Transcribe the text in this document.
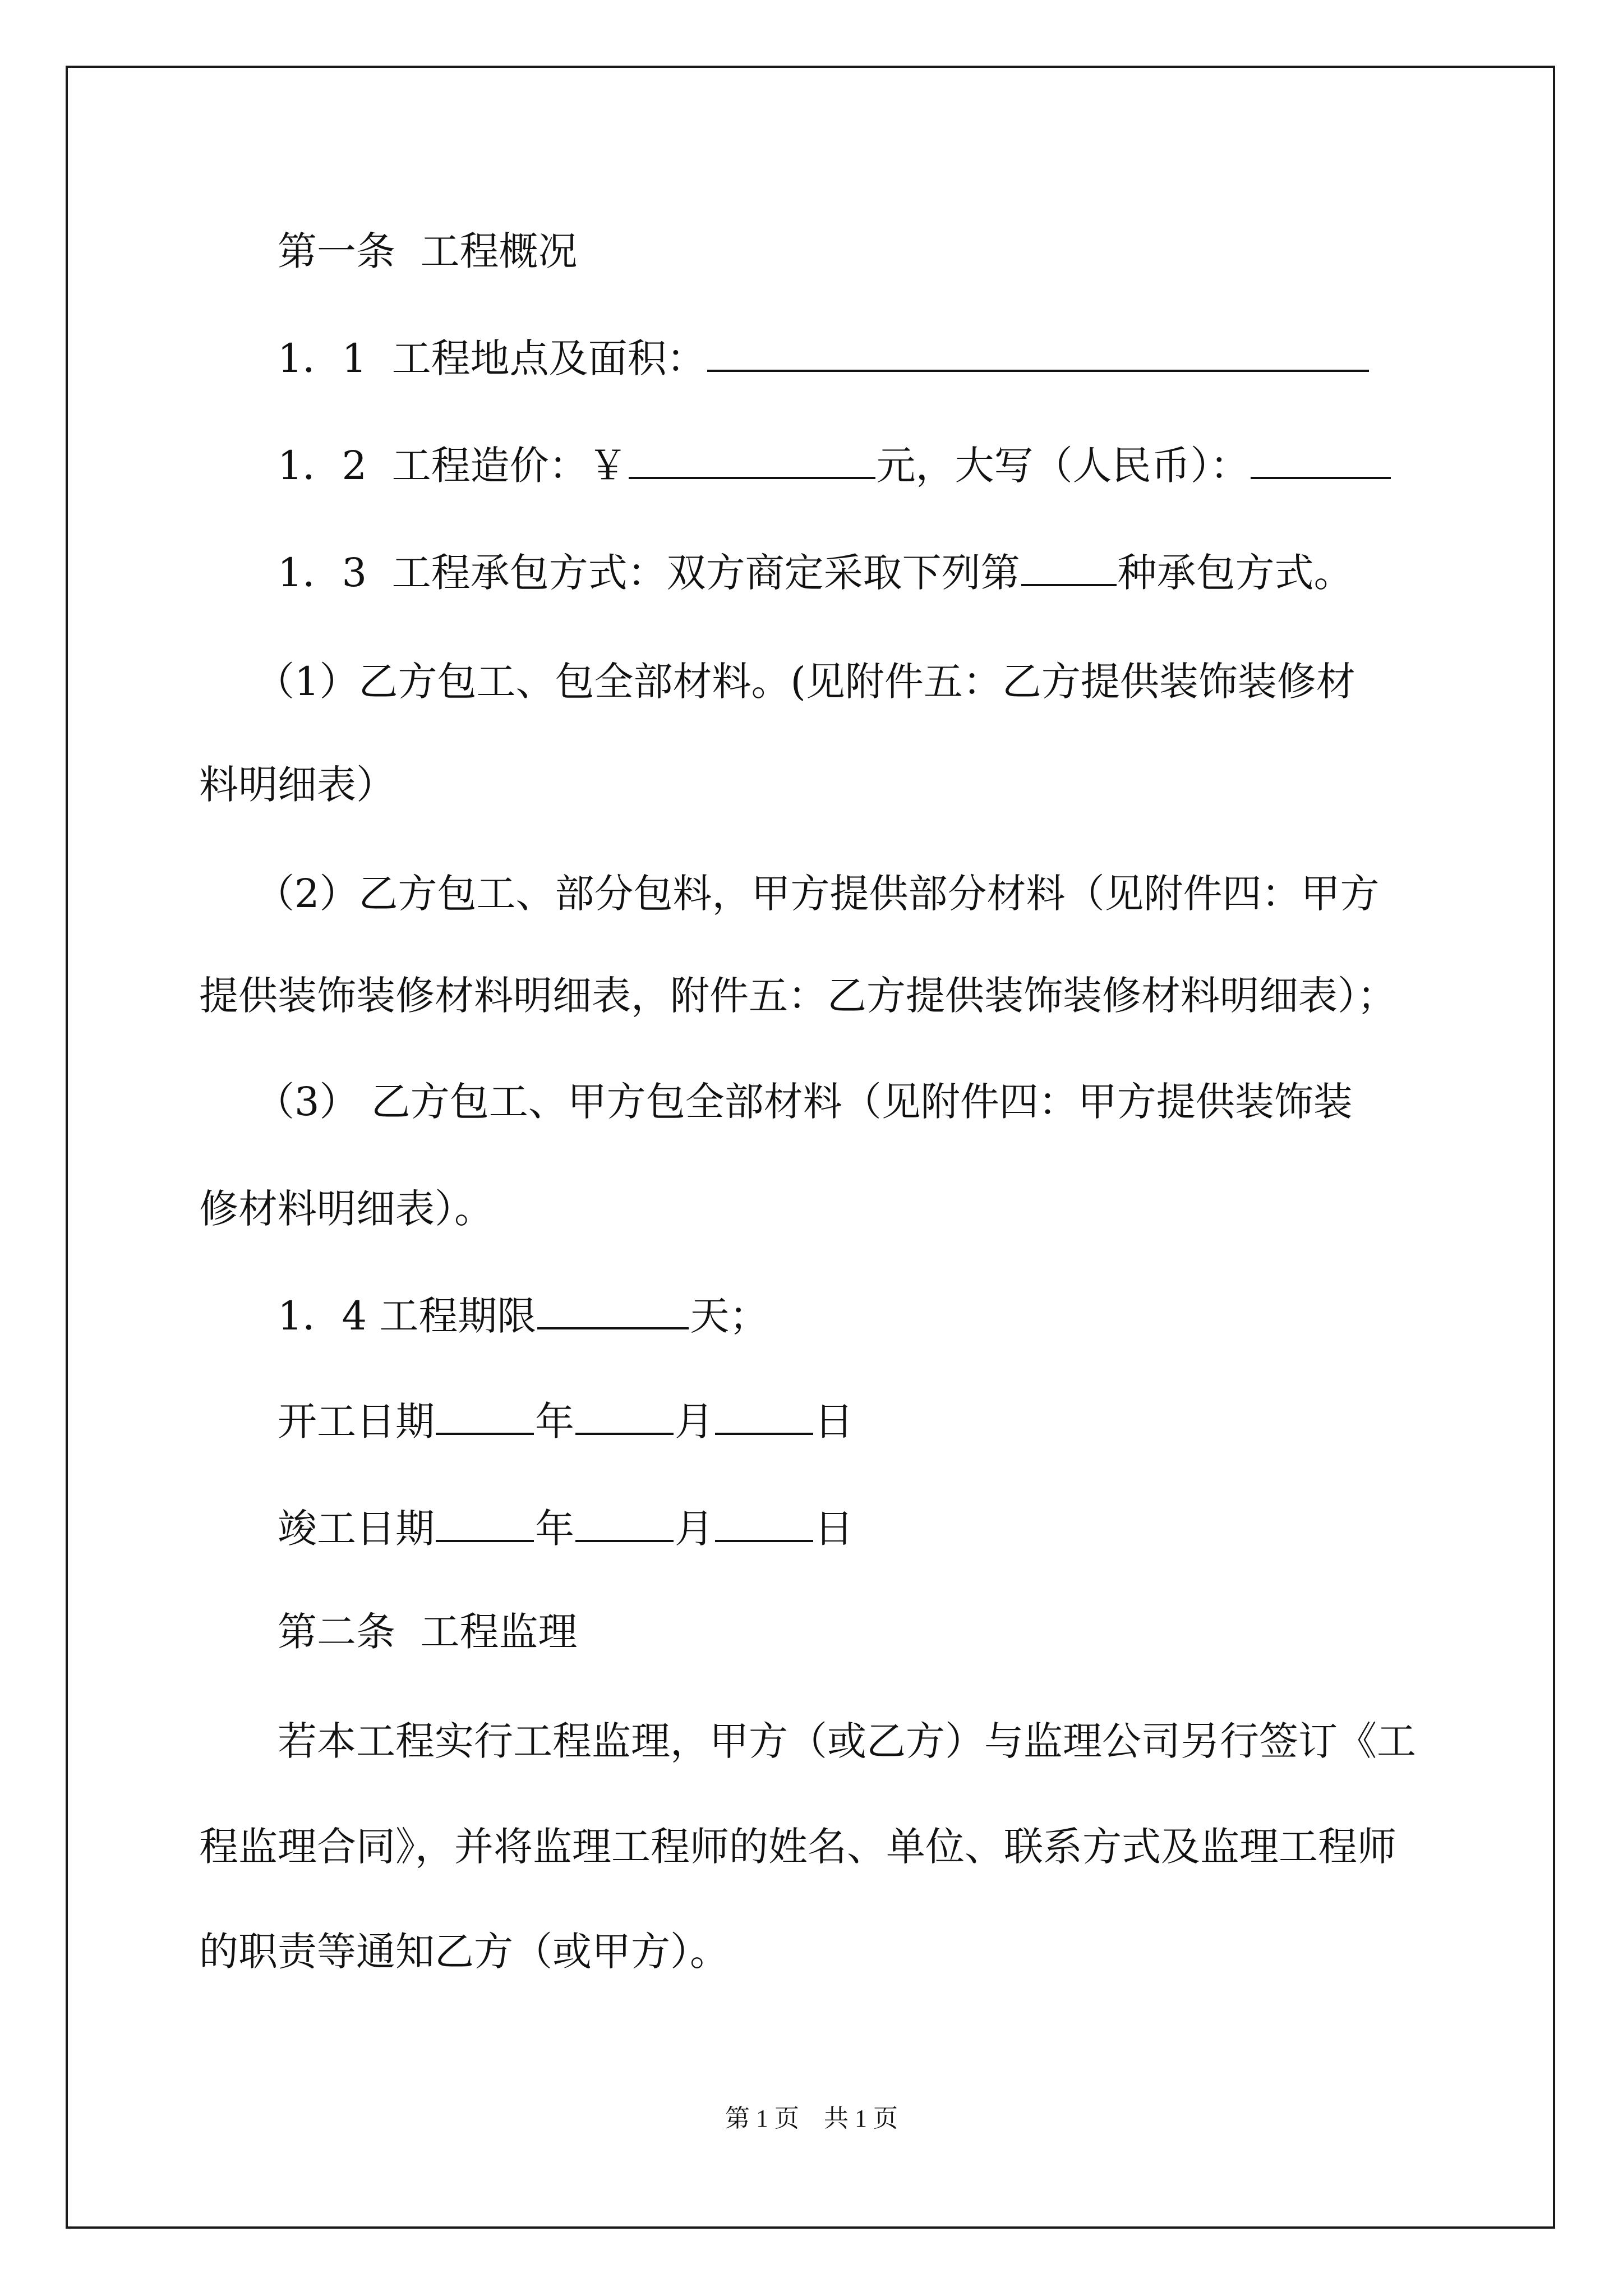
第一条  工程概况
1．1  工程地点及面积：
1．2  工程造价：￥	元，大写（人民币）：
1．3  工程承包方式：双方商定采取下列第 种承包方式。
（1）乙方包工、包全部材料。(见附件五：乙方提供装饰装修材
料明细表）
（2）乙方包工、部分包料，甲方提供部分材料（见附件四：甲方
提供装饰装修材料明细表，附件五：乙方提供装饰装修材料明细表）；
（3） 乙方包工、甲方包全部材料（见附件四：甲方提供装饰装
修材料明细表）。
1．4 工程期限	天；
开工日期	年	月	日
竣工日期	年	月	日
第二条  工程监理
若本工程实行工程监理，甲方（或乙方）与监理公司另行签订《工
程监理合同》，并将监理工程师的姓名、单位、联系方式及监理工程师
的职责等通知乙方（或甲方）。
第 1 页　共 1 页
